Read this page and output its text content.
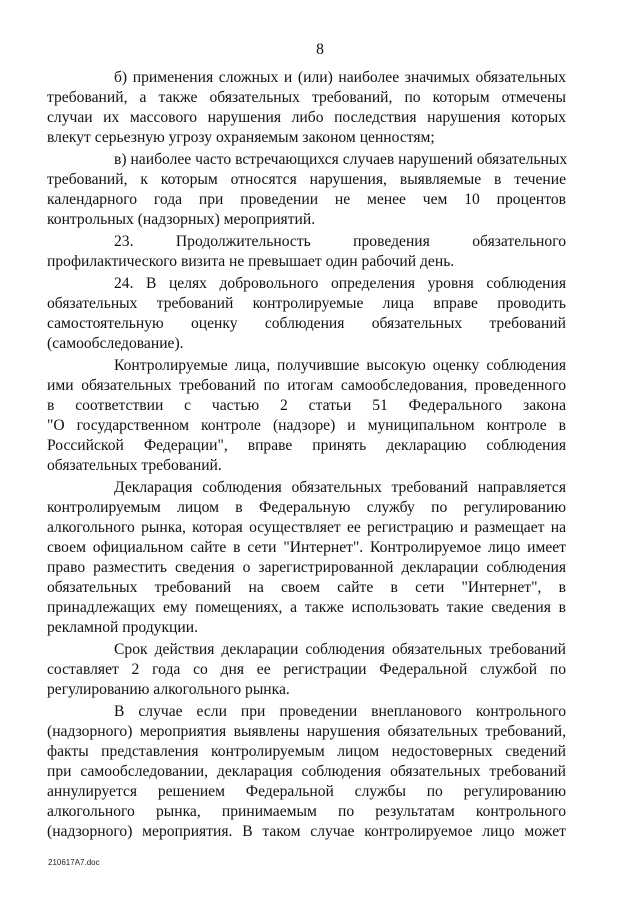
8
б) применения сложных и (или) наиболее значимых обязательных
требований, а также обязательных требований, по которым отмечены
случаи их массового нарушения либо последствия нарушения которых
влекут серьезную угрозу охраняемым законом ценностям;
в) наиболее часто встречающихся случаев нарушений обязательных
требований, к которым относятся нарушения, выявляемые в течение
календарного года при проведении не менее чем 10 процентов
контрольных (надзорных) мероприятий.
23. Продолжительность проведения обязательного
профилактического визита не превышает один рабочий день.
24. В целях добровольного определения уровня соблюдения
обязательных требований контролируемые лица вправе проводить
самостоятельную оценку соблюдения обязательных требований
(самообследование).
Контролируемые лица, получившие высокую оценку соблюдения
ими обязательных требований по итогам самообследования, проведенного
в соответствии с частью 2 статьи 51 Федерального закона
"О государственном контроле (надзоре) и муниципальном контроле в
Российской Федерации", вправе принять декларацию соблюдения
обязательных требований.
Декларация соблюдения обязательных требований направляется
контролируемым лицом в Федеральную службу по регулированию
алкогольного рынка, которая осуществляет ее регистрацию и размещает на
своем официальном сайте в сети "Интернет". Контролируемое лицо имеет
право разместить сведения о зарегистрированной декларации соблюдения
обязательных требований на своем сайте в сети "Интернет", в
принадлежащих ему помещениях, а также использовать такие сведения в
рекламной продукции.
Срок действия декларации соблюдения обязательных требований
составляет 2 года со дня ее регистрации Федеральной службой по
регулированию алкогольного рынка.
В случае если при проведении внепланового контрольного
(надзорного) мероприятия выявлены нарушения обязательных требований,
факты представления контролируемым лицом недостоверных сведений
при самообследовании, декларация соблюдения обязательных требований
аннулируется решением Федеральной службы по регулированию
алкогольного рынка, принимаемым по результатам контрольного
(надзорного) мероприятия. В таком случае контролируемое лицо может
210617A7.doc
